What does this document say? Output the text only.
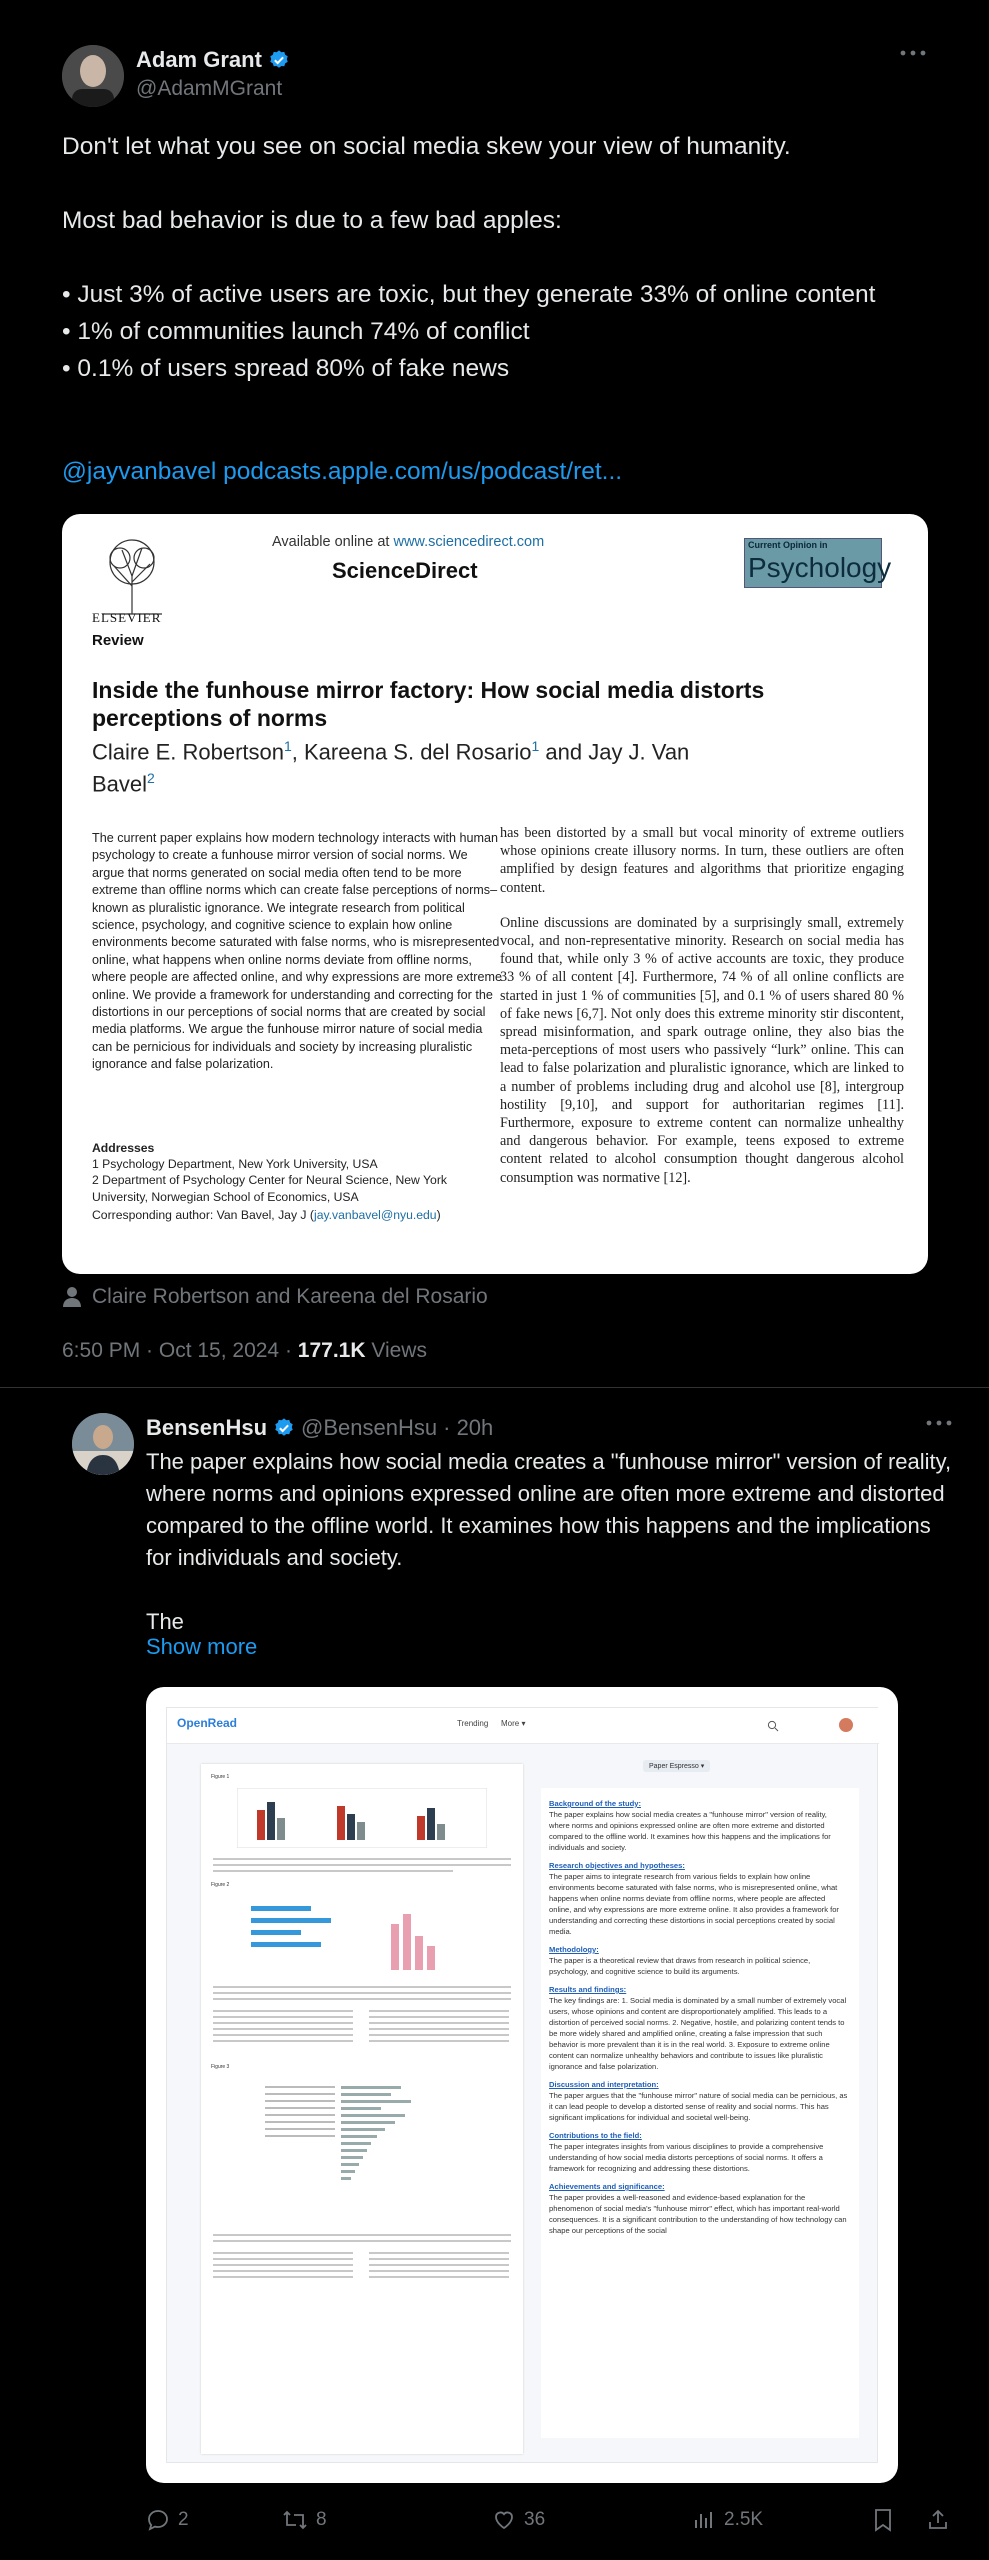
Adam Grant
@AdamMGrant

Don't let what you see on social media skew your view of humanity.

Most bad behavior is due to a few bad apples:

• Just 3% of active users are toxic, but they generate 33% of online content

• 1% of communities launch 74% of conflict

• 0.1% of users spread 80% of fake news

@jayvanbavel podcasts.apple.com/us/podcast/ret...
Available online at www.sciencedirect.com
ScienceDirect
Current Opinion in
Psychology
ELSEVIER
Review
Inside the funhouse mirror factory: How social media distorts perceptions of norms
Claire E. Robertson$^1$, Kareena S. del Rosario$^1$ and Jay J. Van Bavel$^2$
The current paper explains how modern technology interacts with human psychology to create a funhouse mirror version of social norms. We argue that norms generated on social media often tend to be more extreme than offline norms which can create false perceptions of norms–known as pluralistic ignorance. We integrate research from political science, psychology, and cognitive science to explain how online environments become saturated with false norms, who is misrepresented online, what happens when online norms deviate from offline norms, where people are affected online, and why expressions are more extreme online. We provide a framework for understanding and correcting for the distortions in our perceptions of social norms that are created by social media platforms. We argue the funhouse mirror nature of social media can be pernicious for individuals and society by increasing pluralistic ignorance and false polarization.
Addresses
1 Psychology Department, New York University, USA
2 Department of Psychology Center for Neural Science, New York University, Norwegian School of Economics, USA
Corresponding author: Van Bavel, Jay J (jay.vanbavel@nyu.edu)

has been distorted by a small but vocal minority of extreme outliers whose opinions create illusory norms. In turn, these outliers are often amplified by design features and algorithms that prioritize engaging content.

Online discussions are dominated by a surprisingly small, extremely vocal, and non-representative minority. Research on social media has found that, while only 3 % of active accounts are toxic, they produce 33 % of all content [4]. Furthermore, 74 % of all online conflicts are started in just 1 % of communities [5], and 0.1 % of users shared 80 % of fake news [6,7]. Not only does this extreme minority stir discontent, spread misinformation, and spark outrage online, they also bias the meta-perceptions of most users who passively “lurk” online. This can lead to false polarization and pluralistic ignorance, which are linked to a number of problems including drug and alcohol use [8], intergroup hostility [9,10], and support for authoritarian regimes [11]. Furthermore, exposure to extreme content can normalize unhealthy and dangerous behavior. For example, teens exposed to extreme content related to alcohol consumption thought dangerous alcohol consumption was normative [12].

Claire Robertson and Kareena del Rosario
6:50 PM · Oct 15, 2024 · 177.1K Views
BensenHsu @BensenHsu · 20h

The paper explains how social media creates a "funhouse mirror" version of reality, where norms and opinions expressed online are often more extreme and distorted compared to the offline world. It examines how this happens and the implications for individuals and society.

The

Show more
OpenRead	Trending More ▾
Figure 1
Figure 2
Figure 3
Paper Espresso ▾
Background of the study:
The paper explains how social media creates a "funhouse mirror" version of reality, where norms and opinions expressed online are often more extreme and distorted compared to the offline world. It examines how this happens and the implications for individuals and society.
Research objectives and hypotheses:
The paper aims to integrate research from various fields to explain how online environments become saturated with false norms, who is misrepresented online, what happens when online norms deviate from offline norms, where people are affected online, and why expressions are more extreme online. It also provides a framework for understanding and correcting these distortions in social perceptions created by social media.
Methodology:
The paper is a theoretical review that draws from research in political science, psychology, and cognitive science to build its arguments.
Results and findings:
The key findings are: 1. Social media is dominated by a small number of extremely vocal users, whose opinions and content are disproportionately amplified. This leads to a distortion of perceived social norms. 2. Negative, hostile, and polarizing content tends to be more widely shared and amplified online, creating a false impression that such behavior is more prevalent than it is in the real world. 3. Exposure to extreme online content can normalize unhealthy behaviors and contribute to issues like pluralistic ignorance and false polarization.
Discussion and interpretation:
The paper argues that the "funhouse mirror" nature of social media can be pernicious, as it can lead people to develop a distorted sense of reality and social norms. This has significant implications for individual and societal well-being.
Contributions to the field:
The paper integrates insights from various disciplines to provide a comprehensive understanding of how social media distorts perceptions of social norms. It offers a framework for recognizing and addressing these distortions.
Achievements and significance:
The paper provides a well-reasoned and evidence-based explanation for the phenomenon of social media's "funhouse mirror" effect, which has important real-world consequences. It is a significant contribution to the understanding of how technology can shape our perceptions of the social
2	8	36	2.5K
